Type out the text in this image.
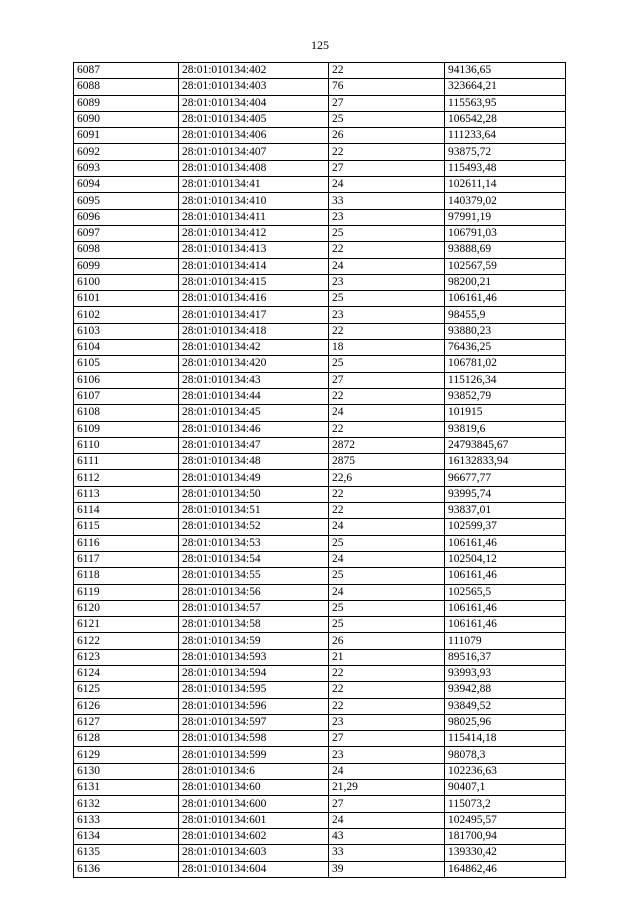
125
6087	28:01:010134:402	22	94136,65
6088	28:01:010134:403	76	323664,21
6089	28:01:010134:404	27	115563,95
6090	28:01:010134:405	25	106542,28
6091	28:01:010134:406	26	111233,64
6092	28:01:010134:407	22	93875,72
6093	28:01:010134:408	27	115493,48
6094	28:01:010134:41	24	102611,14
6095	28:01:010134:410	33	140379,02
6096	28:01:010134:411	23	97991,19
6097	28:01:010134:412	25	106791,03
6098	28:01:010134:413	22	93888,69
6099	28:01:010134:414	24	102567,59
6100	28:01:010134:415	23	98200,21
6101	28:01:010134:416	25	106161,46
6102	28:01:010134:417	23	98455,9
6103	28:01:010134:418	22	93880,23
6104	28:01:010134:42	18	76436,25
6105	28:01:010134:420	25	106781,02
6106	28:01:010134:43	27	115126,34
6107	28:01:010134:44	22	93852,79
6108	28:01:010134:45	24	101915
6109	28:01:010134:46	22	93819,6
6110	28:01:010134:47	2872	24793845,67
6111	28:01:010134:48	2875	16132833,94
6112	28:01:010134:49	22,6	96677,77
6113	28:01:010134:50	22	93995,74
6114	28:01:010134:51	22	93837,01
6115	28:01:010134:52	24	102599,37
6116	28:01:010134:53	25	106161,46
6117	28:01:010134:54	24	102504,12
6118	28:01:010134:55	25	106161,46
6119	28:01:010134:56	24	102565,5
6120	28:01:010134:57	25	106161,46
6121	28:01:010134:58	25	106161,46
6122	28:01:010134:59	26	111079
6123	28:01:010134:593	21	89516,37
6124	28:01:010134:594	22	93993,93
6125	28:01:010134:595	22	93942,88
6126	28:01:010134:596	22	93849,52
6127	28:01:010134:597	23	98025,96
6128	28:01:010134:598	27	115414,18
6129	28:01:010134:599	23	98078,3
6130	28:01:010134:6	24	102236,63
6131	28:01:010134:60	21,29	90407,1
6132	28:01:010134:600	27	115073,2
6133	28:01:010134:601	24	102495,57
6134	28:01:010134:602	43	181700,94
6135	28:01:010134:603	33	139330,42
6136	28:01:010134:604	39	164862,46
